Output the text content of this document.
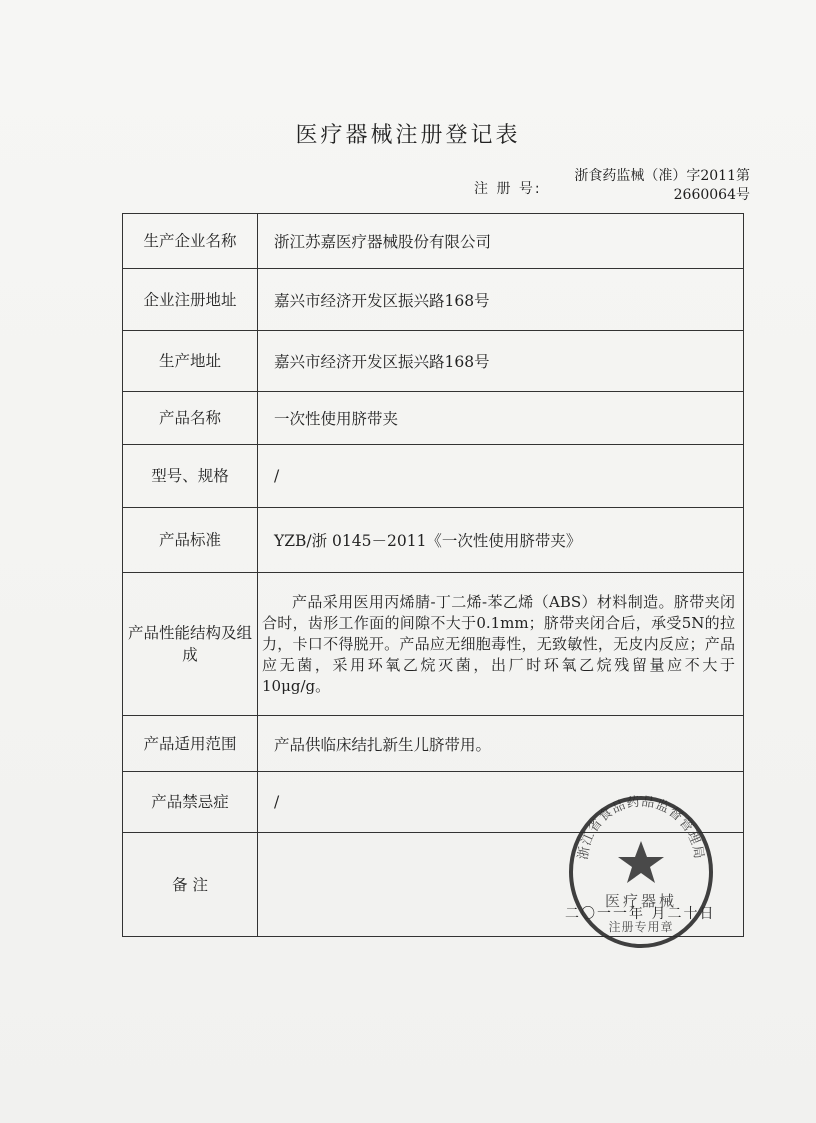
医疗器械注册登记表
注 册 号:
浙食药监械（准）字2011第2660064号
生产企业名称	浙江苏嘉医疗器械股份有限公司
企业注册地址	嘉兴市经济开发区振兴路168号
生产地址	嘉兴市经济开发区振兴路168号
产品名称	一次性使用脐带夹
型号、规格	/
产品标准	YZB/浙 0145－2011《一次性使用脐带夹》
产品性能结构及组成	产品采用医用丙烯腈-丁二烯-苯乙烯（ABS）材料制造。脐带夹闭合时，齿形工作面的间隙不大于0.1mm；脐带夹闭合后，承受5N的拉力，卡口不得脱开。产品应无细胞毒性，无致敏性，无皮内反应；产品应无菌，采用环氧乙烷灭菌，出厂时环氧乙烷残留量应不大于10μg/g。

产品适用范围	产品供临床结扎新生儿脐带用。
产品禁忌症	/
备 注	
二〇一一年 月二十日
浙江省食品药品监督管理局
医疗器械
注册专用章
